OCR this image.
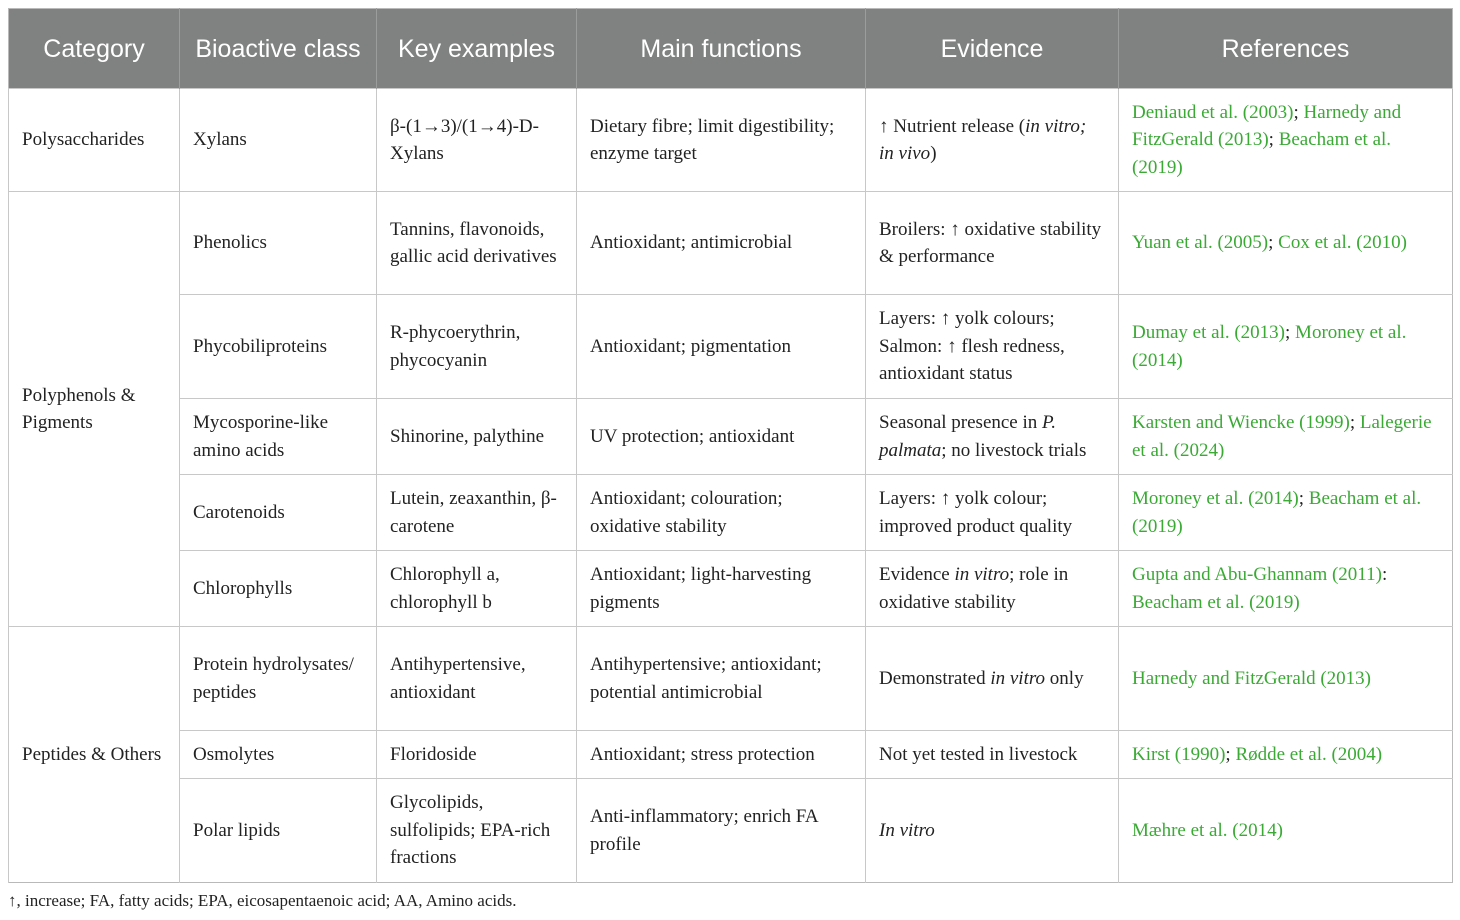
Category	Bioactive class	Key examples	Main functions	Evidence	References
Polysaccharides	Xylans	β-(1→3)/(1→4)-D-Xylans	Dietary fibre; limit digestibility; enzyme target	↑ Nutrient release (in vitro; in vivo)	Deniaud et al. (2003); Harnedy and FitzGerald (2013); Beacham et al. (2019)
Polyphenols & Pigments	Phenolics	Tannins, flavonoids, gallic acid derivatives	Antioxidant; antimicrobial	Broilers: ↑ oxidative stability & performance	Yuan et al. (2005); Cox et al. (2010)
	Phycobiliproteins	R-phycoerythrin, phycocyanin	Antioxidant; pigmentation	Layers: ↑ yolk colours; Salmon: ↑ flesh redness, antioxidant status	Dumay et al. (2013); Moroney et al. (2014)
	Mycosporine-like amino acids	Shinorine, palythine	UV protection; antioxidant	Seasonal presence in P. palmata; no livestock trials	Karsten and Wiencke (1999); Lalegerie et al. (2024)
	Carotenoids	Lutein, zeaxanthin, β-carotene	Antioxidant; colouration; oxidative stability	Layers: ↑ yolk colour; improved product quality	Moroney et al. (2014); Beacham et al. (2019)
	Chlorophylls	Chlorophyll a, chlorophyll b	Antioxidant; light-harvesting pigments	Evidence in vitro; role in oxidative stability	Gupta and Abu-Ghannam (2011): Beacham et al. (2019)
Peptides & Others	Protein hydrolysates/ peptides	Antihypertensive, antioxidant	Antihypertensive; antioxidant; potential antimicrobial	Demonstrated in vitro only	Harnedy and FitzGerald (2013)
	Osmolytes	Floridoside	Antioxidant; stress protection	Not yet tested in livestock	Kirst (1990); Rødde et al. (2004)
	Polar lipids	Glycolipids, sulfolipids; EPA-rich fractions	Anti-inflammatory; enrich FA profile	In vitro	Mæhre et al. (2014)
↑, increase; FA, fatty acids; EPA, eicosapentaenoic acid; AA, Amino acids.
